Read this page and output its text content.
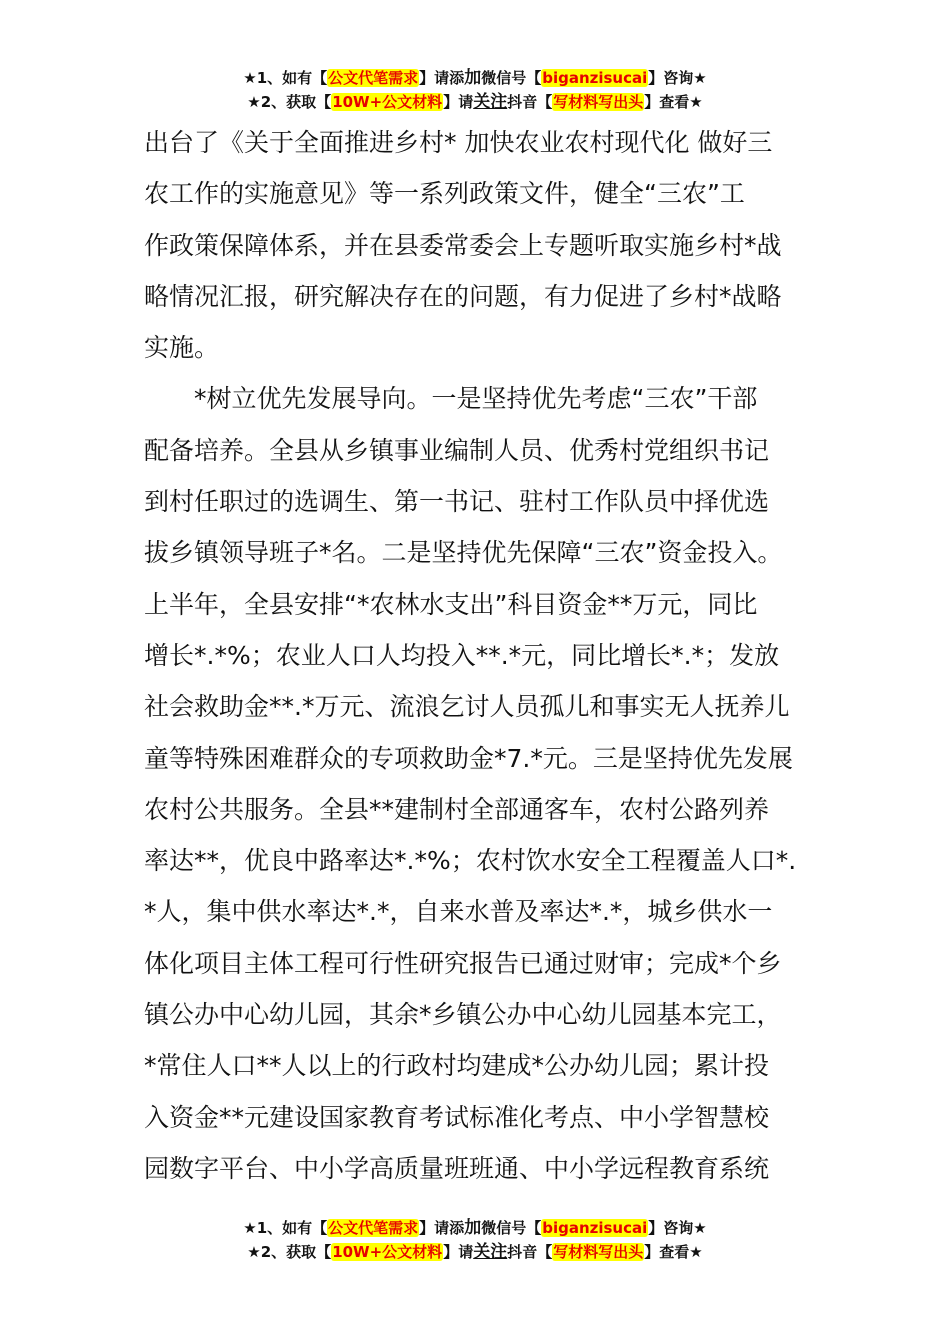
★1、如有【公文代笔需求】请添加微信号【biganzisucai】咨询★
★2、获取【10W+公文材料】请关注抖音【写材料写出头】查看★
出台了《关于全面推进乡村* 加快农业农村现代化 做好三
农工作的实施意见》等一系列政策文件，健全“三农”工
作政策保障体系，并在县委常委会上专题听取实施乡村*战
略情况汇报，研究解决存在的问题，有力促进了乡村*战略
实施。
　　*树立优先发展导向。一是坚持优先考虑“三农”干部
配备培养。全县从乡镇事业编制人员、优秀村党组织书记
到村任职过的选调生、第一书记、驻村工作队员中择优选
拔乡镇领导班子*名。二是坚持优先保障“三农”资金投入。
上半年，全县安排“*农林水支出”科目资金**万元，同比
增长*.*%；农业人口人均投入**.*元，同比增长*.*；发放
社会救助金**.*万元、流浪乞讨人员孤儿和事实无人抚养儿
童等特殊困难群众的专项救助金*7.*元。三是坚持优先发展
农村公共服务。全县**建制村全部通客车，农村公路列养
率达**，优良中路率达*.*%；农村饮水安全工程覆盖人口*.
*人，集中供水率达*.*，自来水普及率达*.*，城乡供水一
体化项目主体工程可行性研究报告已通过财审；完成*个乡
镇公办中心幼儿园，其余*乡镇公办中心幼儿园基本完工，
*常住人口**人以上的行政村均建成*公办幼儿园；累计投
入资金**元建设国家教育考试标准化考点、中小学智慧校
园数字平台、中小学高质量班班通、中小学远程教育系统
★1、如有【公文代笔需求】请添加微信号【biganzisucai】咨询★
★2、获取【10W+公文材料】请关注抖音【写材料写出头】查看★
